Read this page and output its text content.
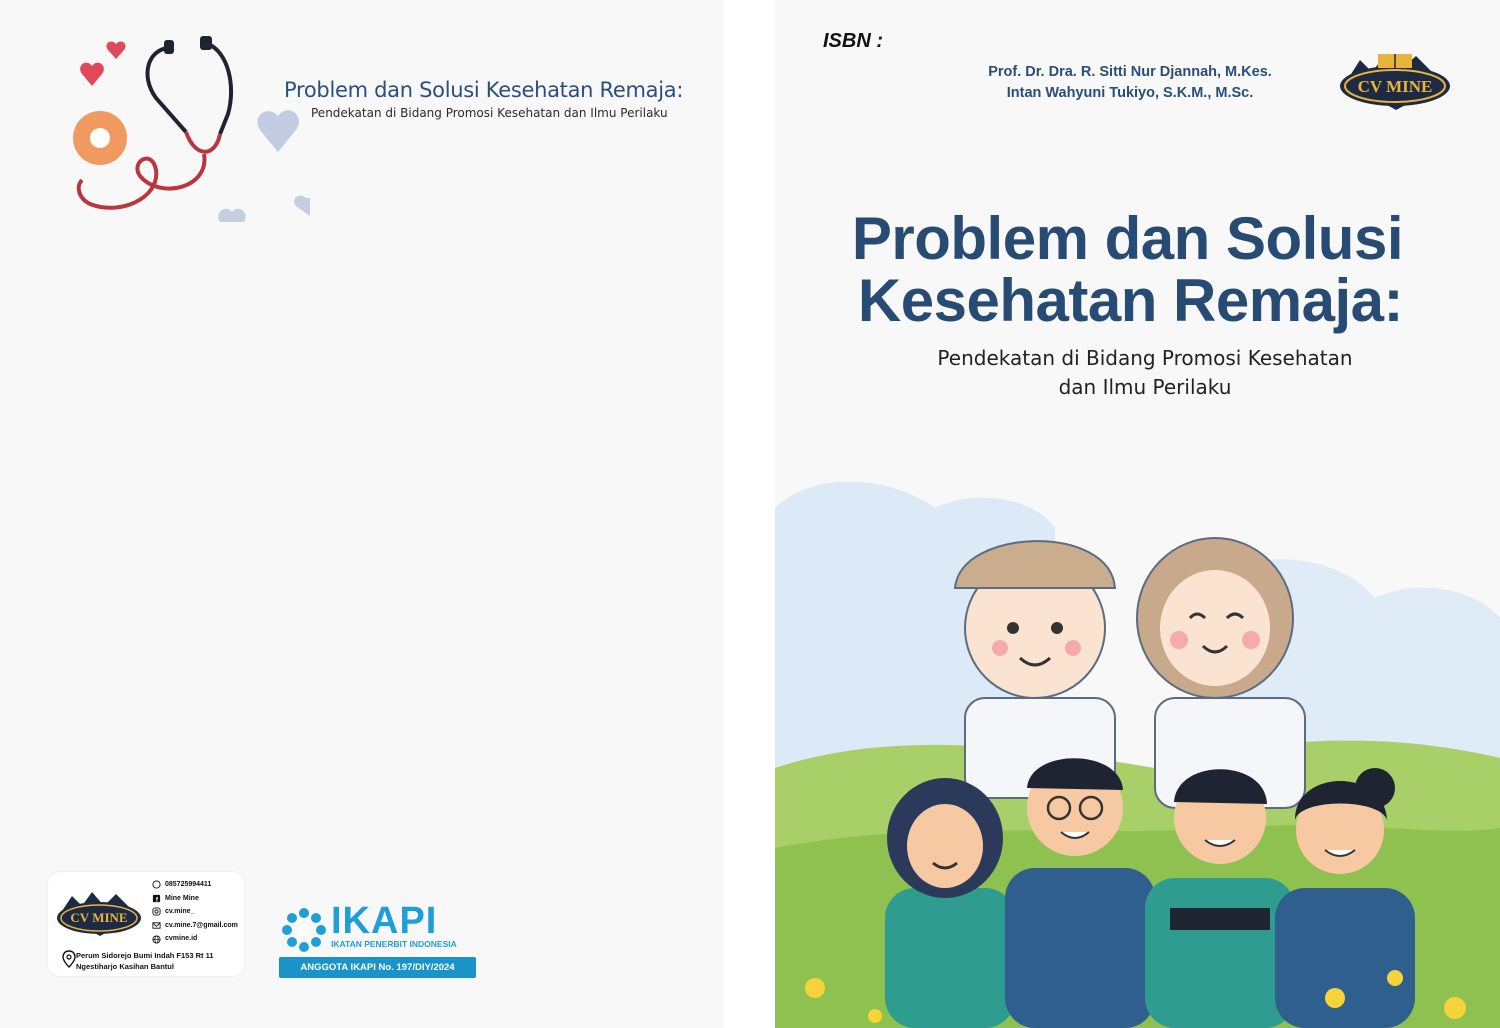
Problem dan Solusi Kesehatan Remaja:
Pendekatan di Bidang Promosi Kesehatan dan Ilmu Perilaku
CV MINE
085725994411
f Mine Mine
cv.mine_
cv.mine.7@gmail.com
cvmine.id
Perum Sidorejo Bumi Indah F153 Rt 11
Ngestiharjo Kasihan Bantul
IKAPI
IKATAN PENERBIT INDONESIA
ANGGOTA IKAPI No. 197/DIY/2024
ISBN :
Prof. Dr. Dra. R. Sitti Nur Djannah, M.Kes.
Intan Wahyuni Tukiyo, S.K.M., M.Sc.	CV MINE
Problem dan Solusi
Kesehatan Remaja:
Pendekatan di Bidang Promosi Kesehatan
dan Ilmu Perilaku
